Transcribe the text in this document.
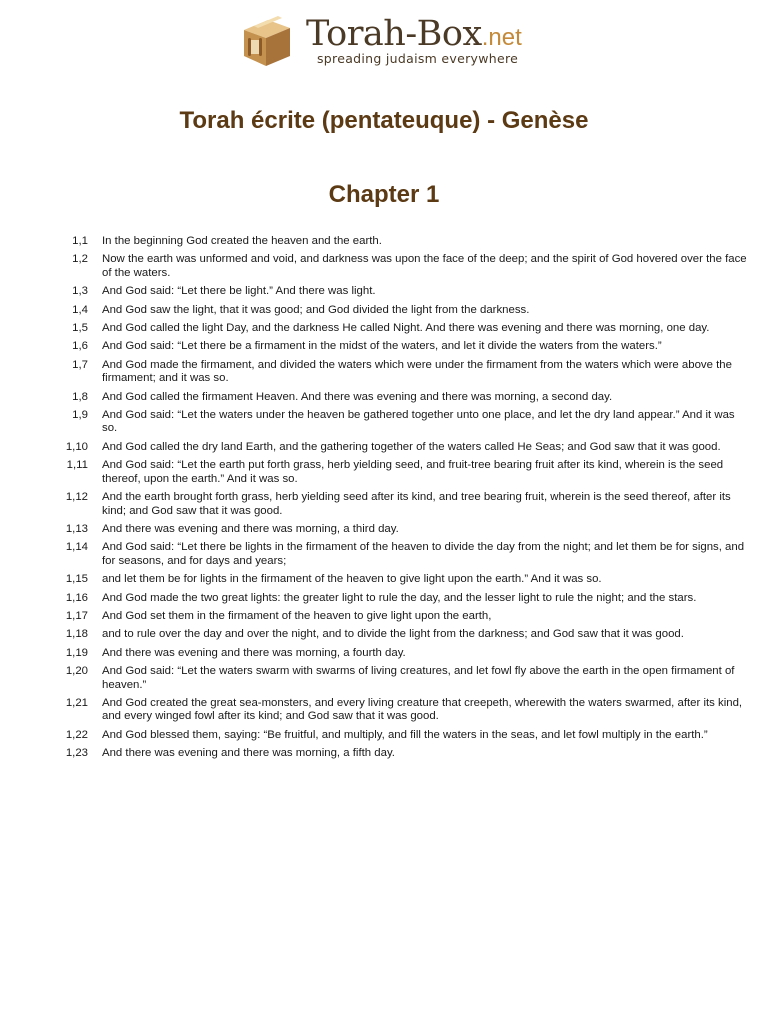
Torah-Box.net
spreading judaism everywhere
Torah écrite (pentateuque) - Genèse
Chapter 1
1,1 In the beginning God created the heaven and the earth.
1,2 Now the earth was unformed and void, and darkness was upon the face of the deep; and the spirit of God hovered over the face of the waters.
1,3 And God said: “Let there be light.” And there was light.
1,4 And God saw the light, that it was good; and God divided the light from the darkness.
1,5 And God called the light Day, and the darkness He called Night. And there was evening and there was morning, one day.
1,6 And God said: “Let there be a firmament in the midst of the waters, and let it divide the waters from the waters.”
1,7 And God made the firmament, and divided the waters which were under the firmament from the waters which were above the firmament; and it was so.
1,8 And God called the firmament Heaven. And there was evening and there was morning, a second day.
1,9 And God said: “Let the waters under the heaven be gathered together unto one place, and let the dry land appear.” And it was so.
1,10 And God called the dry land Earth, and the gathering together of the waters called He Seas; and God saw that it was good.
1,11 And God said: “Let the earth put forth grass, herb yielding seed, and fruit-tree bearing fruit after its kind, wherein is the seed thereof, upon the earth.” And it was so.
1,12 And the earth brought forth grass, herb yielding seed after its kind, and tree bearing fruit, wherein is the seed thereof, after its kind; and God saw that it was good.
1,13 And there was evening and there was morning, a third day.
1,14 And God said: “Let there be lights in the firmament of the heaven to divide the day from the night; and let them be for signs, and for seasons, and for days and years;
1,15 and let them be for lights in the firmament of the heaven to give light upon the earth.” And it was so.
1,16 And God made the two great lights: the greater light to rule the day, and the lesser light to rule the night; and the stars.
1,17 And God set them in the firmament of the heaven to give light upon the earth,
1,18 and to rule over the day and over the night, and to divide the light from the darkness; and God saw that it was good.
1,19 And there was evening and there was morning, a fourth day.
1,20 And God said: “Let the waters swarm with swarms of living creatures, and let fowl fly above the earth in the open firmament of heaven.”
1,21 And God created the great sea-monsters, and every living creature that creepeth, wherewith the waters swarmed, after its kind, and every winged fowl after its kind; and God saw that it was good.
1,22 And God blessed them, saying: “Be fruitful, and multiply, and fill the waters in the seas, and let fowl multiply in the earth.”
1,23 And there was evening and there was morning, a fifth day.
